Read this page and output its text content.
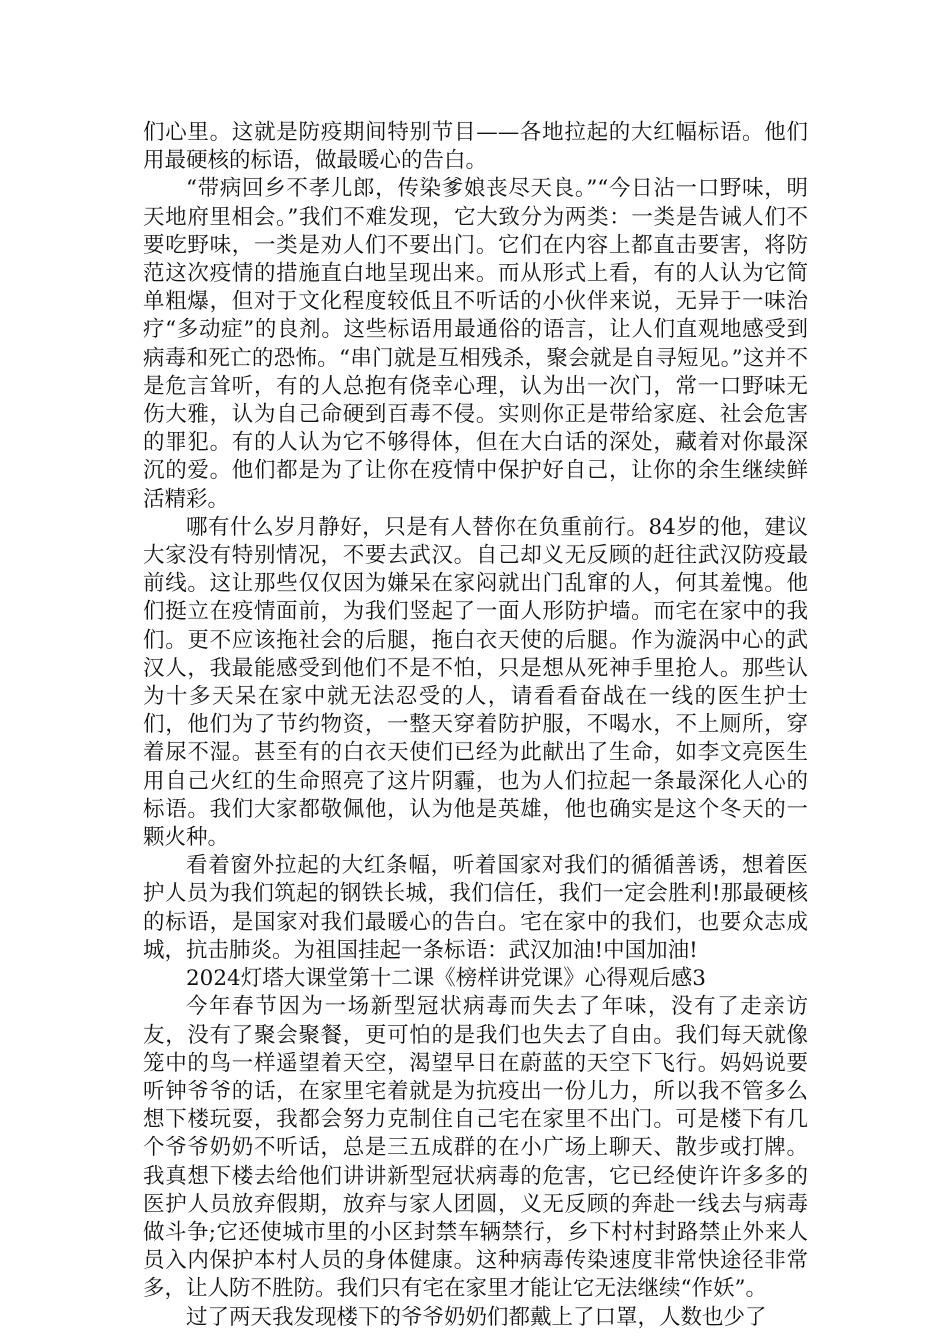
们心里。这就是防疫期间特别节目——各地拉起的大红幅标语。他们用最硬核的标语，做最暖心的告白。

“带病回乡不孝儿郎，传染爹娘丧尽天良。”“今日沾一口野味，明天地府里相会。”我们不难发现，它大致分为两类：一类是告诫人们不要吃野味，一类是劝人们不要出门。它们在内容上都直击要害，将防范这次疫情的措施直白地呈现出来。而从形式上看，有的人认为它简单粗爆，但对于文化程度较低且不听话的小伙伴来说，无异于一味治疗“多动症”的良剂。这些标语用最通俗的语言，让人们直观地感受到病毒和死亡的恐怖。“串门就是互相残杀，聚会就是自寻短见。”这并不是危言耸听，有的人总抱有侥幸心理，认为出一次门，常一口野味无伤大雅，认为自己命硬到百毒不侵。实则你正是带给家庭、社会危害的罪犯。有的人认为它不够得体，但在大白话的深处，藏着对你最深沉的爱。他们都是为了让你在疫情中保护好自己，让你的余生继续鲜活精彩。

哪有什么岁月静好，只是有人替你在负重前行。84岁的他，建议大家没有特别情况，不要去武汉。自己却义无反顾的赶往武汉防疫最前线。这让那些仅仅因为嫌呆在家闷就出门乱窜的人，何其羞愧。他们挺立在疫情面前，为我们竖起了一面人形防护墙。而宅在家中的我们。更不应该拖社会的后腿，拖白衣天使的后腿。作为漩涡中心的武汉人，我最能感受到他们不是不怕，只是想从死神手里抢人。那些认为十多天呆在家中就无法忍受的人，请看看奋战在一线的医生护士们，他们为了节约物资，一整天穿着防护服，不喝水，不上厕所，穿着尿不湿。甚至有的白衣天使们已经为此献出了生命，如李文亮医生用自己火红的生命照亮了这片阴霾，也为人们拉起一条最深化人心的标语。我们大家都敬佩他，认为他是英雄，他也确实是这个冬天的一颗火种。

看着窗外拉起的大红条幅，听着国家对我们的循循善诱，想着医护人员为我们筑起的钢铁长城，我们信任，我们一定会胜利!那最硬核的标语，是国家对我们最暖心的告白。宅在家中的我们，也要众志成城，抗击肺炎。为祖国挂起一条标语：武汉加油!中国加油!

2024灯塔大课堂第十二课《榜样讲党课》心得观后感3

今年春节因为一场新型冠状病毒而失去了年味，没有了走亲访友，没有了聚会聚餐，更可怕的是我们也失去了自由。我们每天就像笼中的鸟一样遥望着天空，渴望早日在蔚蓝的天空下飞行。妈妈说要听钟爷爷的话，在家里宅着就是为抗疫出一份儿力，所以我不管多么想下楼玩耍，我都会努力克制住自己宅在家里不出门。可是楼下有几个爷爷奶奶不听话，总是三五成群的在小广场上聊天、散步或打牌。我真想下楼去给他们讲讲新型冠状病毒的危害，它已经使许许多多的医护人员放弃假期，放弃与家人团圆，义无反顾的奔赴一线去与病毒做斗争;它还使城市里的小区封禁车辆禁行，乡下村村封路禁止外来人员入内保护本村人员的身体健康。这种病毒传染速度非常快途径非常多，让人防不胜防。我们只有宅在家里才能让它无法继续“作妖”。

过了两天我发现楼下的爷爷奶奶们都戴上了口罩，人数也少了
